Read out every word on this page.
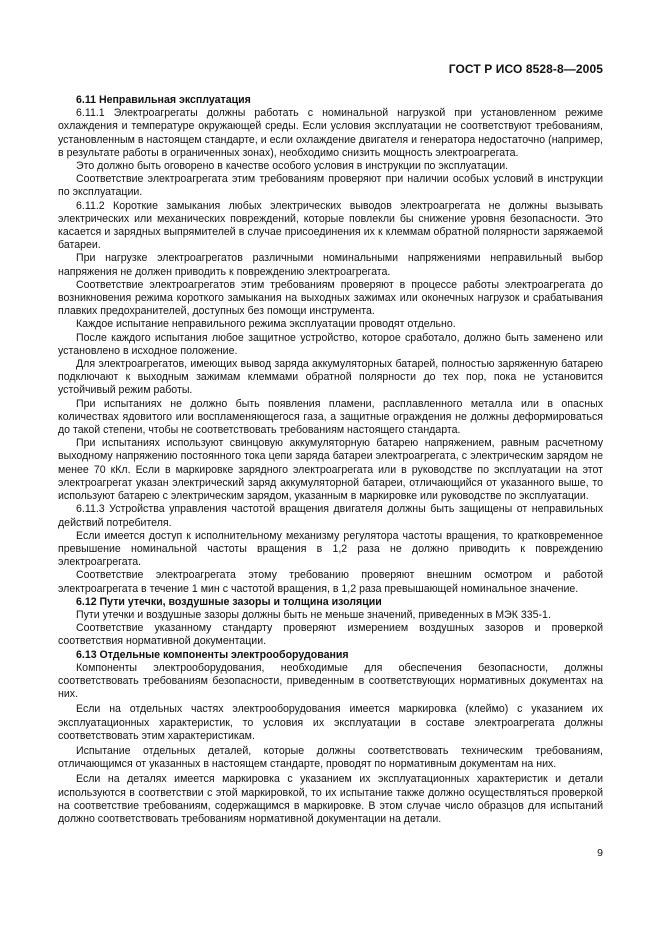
ГОСТ Р ИСО 8528-8—2005
6.11 Неправильная эксплуатация

6.11.1 Электроагрегаты должны работать с номинальной нагрузкой при установленном режиме охлаждения и температуре окружающей среды. Если условия эксплуатации не соответствуют требованиям, установленным в настоящем стандарте, и если охлаждение двигателя и генератора недостаточно (например, в результате работы в ограниченных зонах), необходимо снизить мощность электроагрегата.

Это должно быть оговорено в качестве особого условия в инструкции по эксплуатации.

Соответствие электроагрегата этим требованиям проверяют при наличии особых условий в инструкции по эксплуатации.

6.11.2 Короткие замыкания любых электрических выводов электроагрегата не должны вызывать электрических или механических повреждений, которые повлекли бы снижение уровня безопасности. Это касается и зарядных выпрямителей в случае присоединения их к клеммам обратной полярности заряжаемой батареи.

При нагрузке электроагрегатов различными номинальными напряжениями неправильный выбор напряжения не должен приводить к повреждению электроагрегата.

Соответствие электроагрегатов этим требованиям проверяют в процессе работы электроагрегата до возникновения режима короткого замыкания на выходных зажимах или оконечных нагрузок и срабатывания плавких предохранителей, доступных без помощи инструмента.

Каждое испытание неправильного режима эксплуатации проводят отдельно.

После каждого испытания любое защитное устройство, которое сработало, должно быть заменено или установлено в исходное положение.

Для электроагрегатов, имеющих вывод заряда аккумуляторных батарей, полностью заряженную батарею подключают к выходным зажимам клеммами обратной полярности до тех пор, пока не установится устойчивый режим работы.

При испытаниях не должно быть появления пламени, расплавленного металла или в опасных количествах ядовитого или воспламеняющегося газа, а защитные ограждения не должны деформироваться до такой степени, чтобы не соответствовать требованиям настоящего стандарта.

При испытаниях используют свинцовую аккумуляторную батарею напряжением, равным расчетному выходному напряжению постоянного тока цепи заряда батареи электроагрегата, с электрическим зарядом не менее 70 кКл. Если в маркировке зарядного электроагрегата или в руководстве по эксплуатации на этот электроагрегат указан электрический заряд аккумуляторной батареи, отличающийся от указанного выше, то используют батарею с электрическим зарядом, указанным в маркировке или руководстве по эксплуатации.

6.11.3 Устройства управления частотой вращения двигателя должны быть защищены от неправильных действий потребителя.

Если имеется доступ к исполнительному механизму регулятора частоты вращения, то кратковременное превышение номинальной частоты вращения в 1,2 раза не должно приводить к повреждению электроагрегата.

Соответствие электроагрегата этому требованию проверяют внешним осмотром и работой электроагрегата в течение 1 мин с частотой вращения, в 1,2 раза превышающей номинальное значение.

6.12 Пути утечки, воздушные зазоры и толщина изоляции

Пути утечки и воздушные зазоры должны быть не меньше значений, приведенных в МЭК 335-1.

Соответствие указанному стандарту проверяют измерением воздушных зазоров и проверкой соответствия нормативной документации.

6.13 Отдельные компоненты электрооборудования

Компоненты электрооборудования, необходимые для обеспечения безопасности, должны соответствовать требованиям безопасности, приведенным в соответствующих нормативных документах на них.

Если на отдельных частях электрооборудования имеется маркировка (клеймо) с указанием их эксплуатационных характеристик, то условия их эксплуатации в составе электроагрегата должны соответствовать этим характеристикам.

Испытание отдельных деталей, которые должны соответствовать техническим требованиям, отличающимся от указанных в настоящем стандарте, проводят по нормативным документам на них.

Если на деталях имеется маркировка с указанием их эксплуатационных характеристик и детали используются в соответствии с этой маркировкой, то их испытание также должно осуществляться проверкой на соответствие требованиям, содержащимся в маркировке. В этом случае число образцов для испытаний должно соответствовать требованиям нормативной документации на детали.

9
